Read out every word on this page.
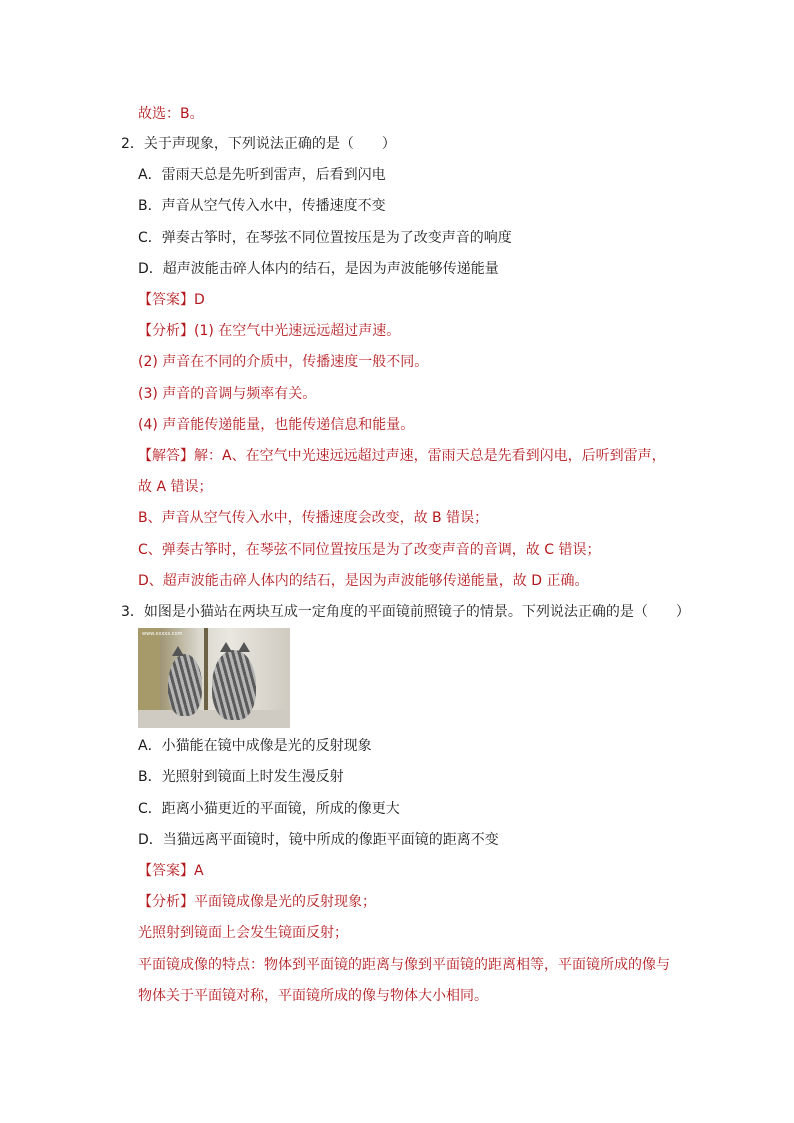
故选：B。
2．关于声现象，下列说法正确的是（　　）
A．雷雨天总是先听到雷声，后看到闪电
B．声音从空气传入水中，传播速度不变
C．弹奏古筝时，在琴弦不同位置按压是为了改变声音的响度
D．超声波能击碎人体内的结石，是因为声波能够传递能量
【答案】D
【分析】(1) 在空气中光速远远超过声速。
(2) 声音在不同的介质中，传播速度一般不同。
(3) 声音的音调与频率有关。
(4) 声音能传递能量，也能传递信息和能量。
【解答】解：A、在空气中光速远远超过声速，雷雨天总是先看到闪电，后听到雷声，
故 A 错误；
B、声音从空气传入水中，传播速度会改变，故 B 错误；
C、弹奏古筝时，在琴弦不同位置按压是为了改变声音的音调，故 C 错误；
D、超声波能击碎人体内的结石，是因为声波能够传递能量，故 D 正确。
3．如图是小猫站在两块互成一定角度的平面镜前照镜子的情景。下列说法正确的是（　　）
www.xxxxx.com
A．小猫能在镜中成像是光的反射现象
B．光照射到镜面上时发生漫反射
C．距离小猫更近的平面镜，所成的像更大
D．当猫远离平面镜时，镜中所成的像距平面镜的距离不变
【答案】A
【分析】平面镜成像是光的反射现象；
光照射到镜面上会发生镜面反射；
平面镜成像的特点：物体到平面镜的距离与像到平面镜的距离相等，平面镜所成的像与
物体关于平面镜对称，平面镜所成的像与物体大小相同。
